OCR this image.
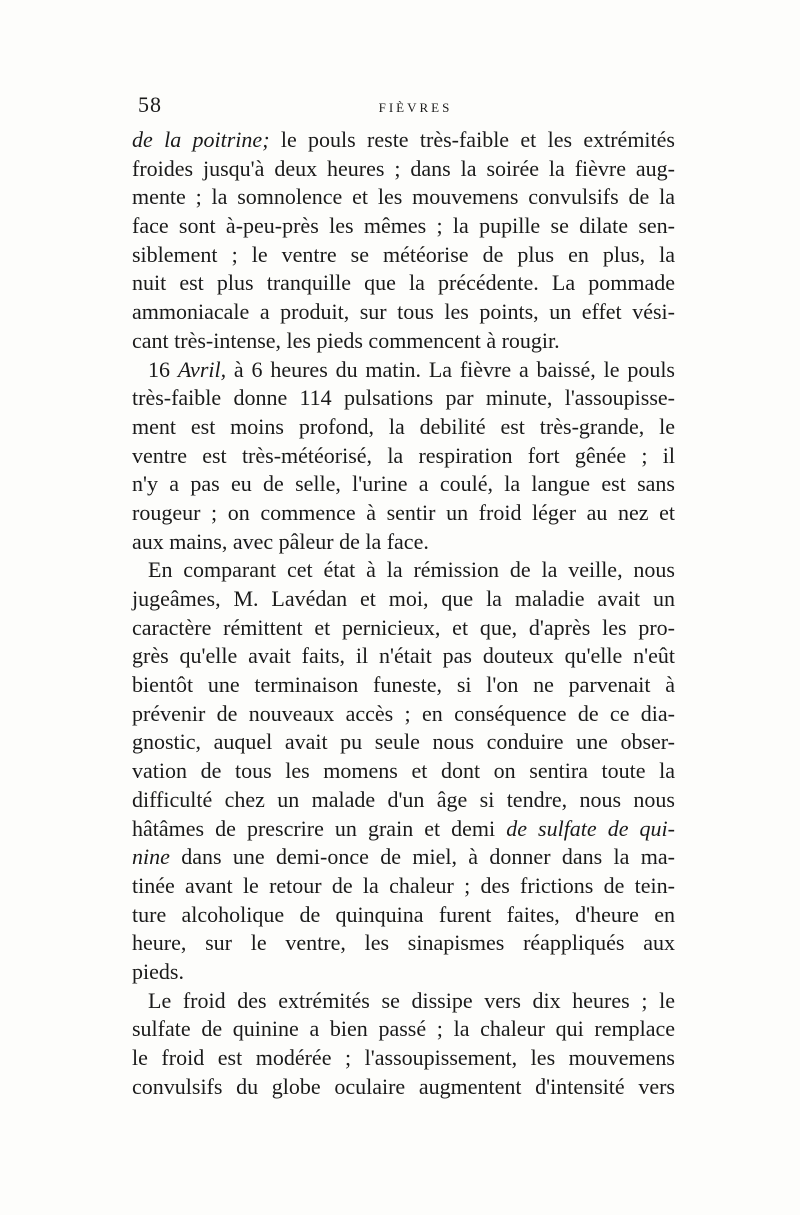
58	FIÈVRES
de la poitrine; le pouls reste très-faible et les extrémités
froides jusqu'à deux heures ; dans la soirée la fièvre aug-
mente ; la somnolence et les mouvemens convulsifs de la
face sont à-peu-près les mêmes ; la pupille se dilate sen-
siblement ; le ventre se météorise de plus en plus, la
nuit est plus tranquille que la précédente. La pommade
ammoniacale a produit, sur tous les points, un effet vési-
cant très-intense, les pieds commencent à rougir.
16 Avril, à 6 heures du matin. La fièvre a baissé, le pouls
très-faible donne 114 pulsations par minute, l'assoupisse-
ment est moins profond, la debilité est très-grande, le
ventre est très-météorisé, la respiration fort gênée ; il
n'y a pas eu de selle, l'urine a coulé, la langue est sans
rougeur ; on commence à sentir un froid léger au nez et
aux mains, avec pâleur de la face.
En comparant cet état à la rémission de la veille, nous
jugeâmes, M. Lavédan et moi, que la maladie avait un
caractère rémittent et pernicieux, et que, d'après les pro-
grès qu'elle avait faits, il n'était pas douteux qu'elle n'eût
bientôt une terminaison funeste, si l'on ne parvenait à
prévenir de nouveaux accès ; en conséquence de ce dia-
gnostic, auquel avait pu seule nous conduire une obser-
vation de tous les momens et dont on sentira toute la
difficulté chez un malade d'un âge si tendre, nous nous
hâtâmes de prescrire un grain et demi de sulfate de qui-
nine dans une demi-once de miel, à donner dans la ma-
tinée avant le retour de la chaleur ; des frictions de tein-
ture alcoholique de quinquina furent faites, d'heure en
heure, sur le ventre, les sinapismes réappliqués aux
pieds.
Le froid des extrémités se dissipe vers dix heures ; le
sulfate de quinine a bien passé ; la chaleur qui remplace
le froid est modérée ; l'assoupissement, les mouvemens
convulsifs du globe oculaire augmentent d'intensité vers
